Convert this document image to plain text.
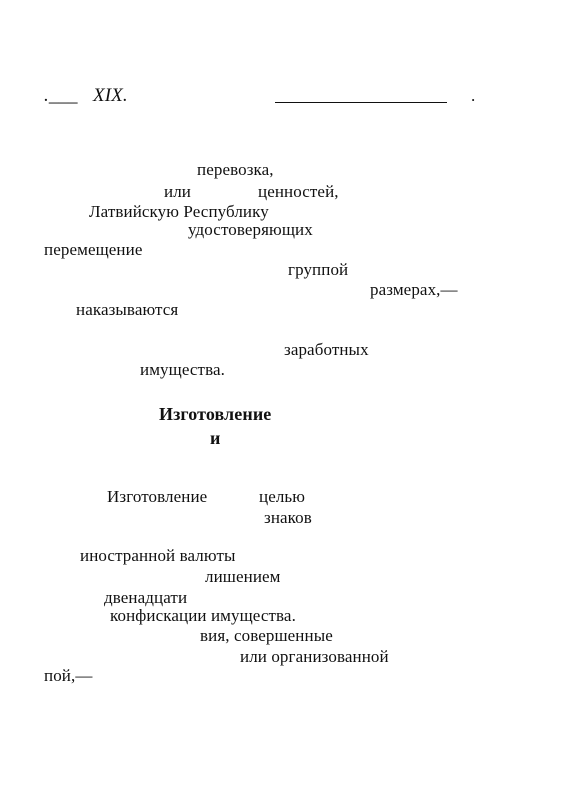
.___ XIX.	.
перевозка,
или	ценностей,
Латвийскую Республику
удостоверяющих
перемещение
группой
размерах,—
наказываются
заработных
имущества.
Изготовление
и
Изготовление	целью
знаков
иностранной валюты
лишением
двенадцати
конфискации имущества.
вия, совершенные
или организованной
пой,—
